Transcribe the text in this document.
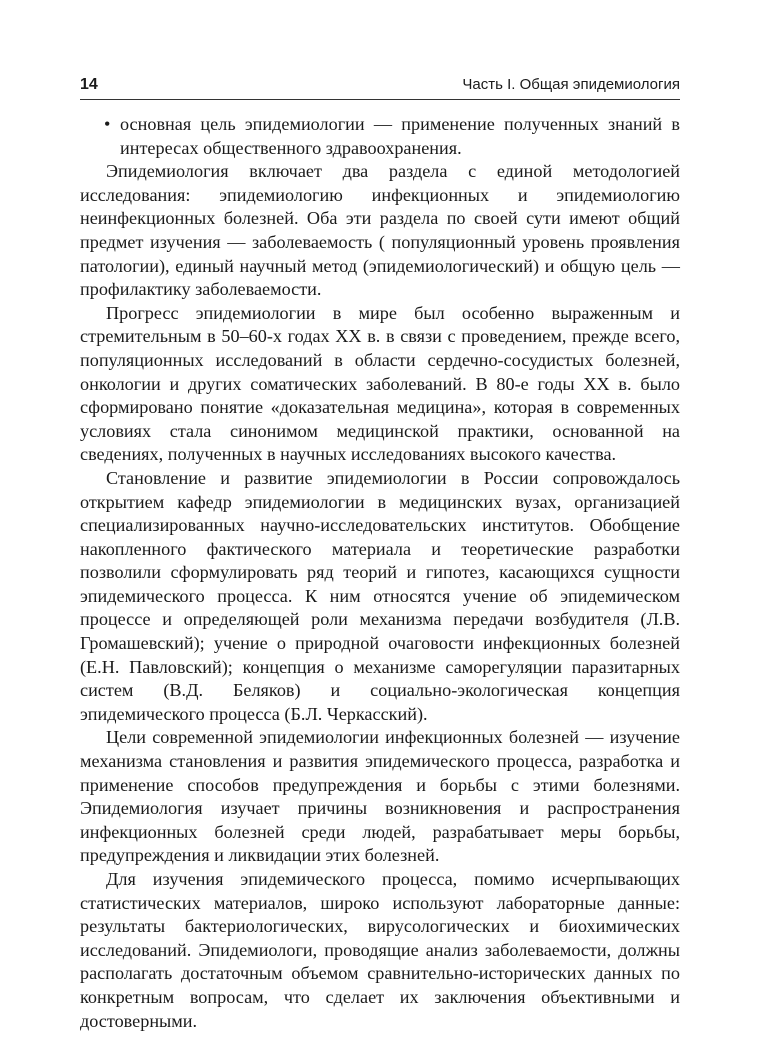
14	Часть I. Общая эпидемиология

• основная цель эпидемиологии — применение полученных знаний в интересах общественного здравоохранения.

Эпидемиология включает два раздела с единой методологией исследования: эпидемиологию инфекционных и эпидемиологию неинфекционных болезней. Оба эти раздела по своей сути имеют общий предмет изучения — заболеваемость ( популяционный уровень проявления патологии), единый научный метод (эпидемиологический) и общую цель — профилактику заболеваемости.

Прогресс эпидемиологии в мире был особенно выраженным и стремительным в 50–60-х годах XX в. в связи с проведением, прежде всего, популяционных исследований в области сердечно-сосудистых болезней, онкологии и других соматических заболеваний. В 80-е годы XX в. было сформировано понятие «доказательная медицина», которая в современных условиях стала синонимом медицинской практики, основанной на сведениях, полученных в научных исследованиях высокого качества.

Становление и развитие эпидемиологии в России сопровождалось открытием кафедр эпидемиологии в медицинских вузах, организацией специализированных научно-исследовательских институтов. Обобщение накопленного фактического материала и теоретические разработки позволили сформулировать ряд теорий и гипотез, касающихся сущности эпидемического процесса. К ним относятся учение об эпидемическом процессе и определяющей роли механизма передачи возбудителя (Л.В. Громашевский); учение о природной очаговости инфекционных болезней (Е.Н. Павловский); концепция о механизме саморегуляции паразитарных систем (В.Д. Беляков) и социально-экологическая концепция эпидемического процесса (Б.Л. Черкасский).

Цели современной эпидемиологии инфекционных болезней — изучение механизма становления и развития эпидемического процесса, разработка и применение способов предупреждения и борьбы с этими болезнями. Эпидемиология изучает причины возникновения и распространения инфекционных болезней среди людей, разрабатывает меры борьбы, предупреждения и ликвидации этих болезней.

Для изучения эпидемического процесса, помимо исчерпывающих статистических материалов, широко используют лабораторные данные: результаты бактериологических, вирусологических и биохимических исследований. Эпидемиологи, проводящие анализ заболеваемости, должны располагать достаточным объемом сравнительно-исторических данных по конкретным вопросам, что сделает их заключения объективными и достоверными.
